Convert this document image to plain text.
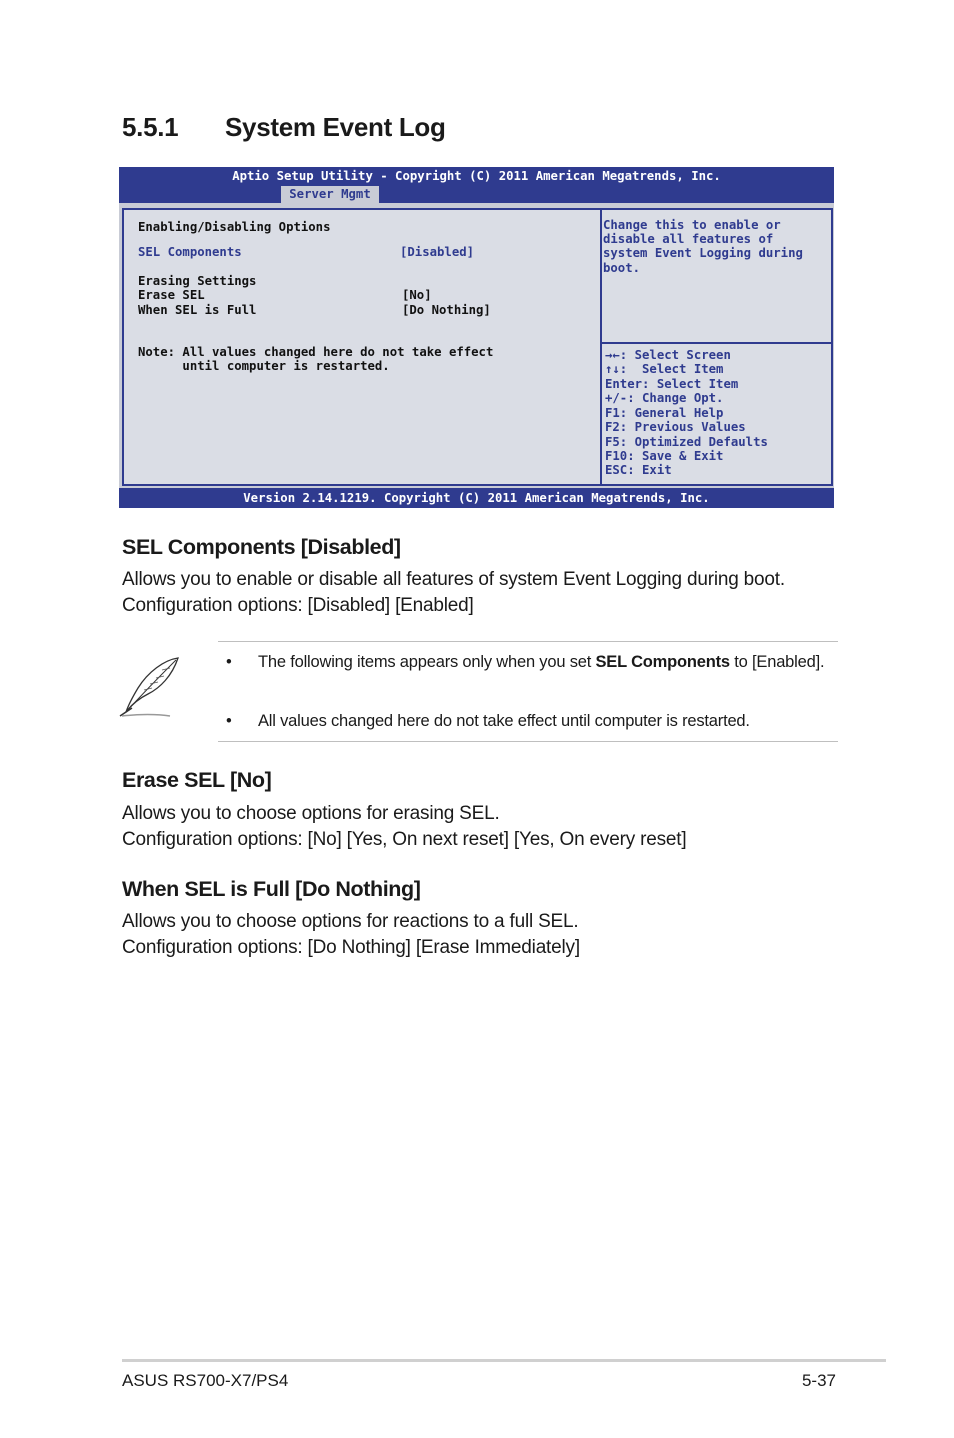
5.5.1 System Event Log
Aptio Setup Utility - Copyright (C) 2011 American Megatrends, Inc.
Server Mgmt
Enabling/Disabling Options
SEL Components	[Disabled]
Erasing Settings
Erase SEL	[No]
When SEL is Full	[Do Nothing]
Note: All values changed here do not take effect
until computer is restarted.
Change this to enable or
disable all features of
system Event Logging during
boot.
→←: Select Screen
↑↓:  Select Item
Enter: Select Item
+/-: Change Opt.
F1: General Help
F2: Previous Values
F5: Optimized Defaults
F10: Save & Exit
ESC: Exit
Version 2.14.1219. Copyright (C) 2011 American Megatrends, Inc.
SEL Components [Disabled]

Allows you to enable or disable all features of system Event Logging during boot.

Configuration options: [Disabled] [Enabled]

• The following items appears only when you set SEL Components to [Enabled].
• All values changed here do not take effect until computer is restarted.
Erase SEL [No]

Allows you to choose options for erasing SEL.

Configuration options: [No] [Yes, On next reset] [Yes, On every reset]

When SEL is Full [Do Nothing]

Allows you to choose options for reactions to a full SEL.

Configuration options: [Do Nothing] [Erase Immediately]

ASUS RS700-X7/PS4	5-37
